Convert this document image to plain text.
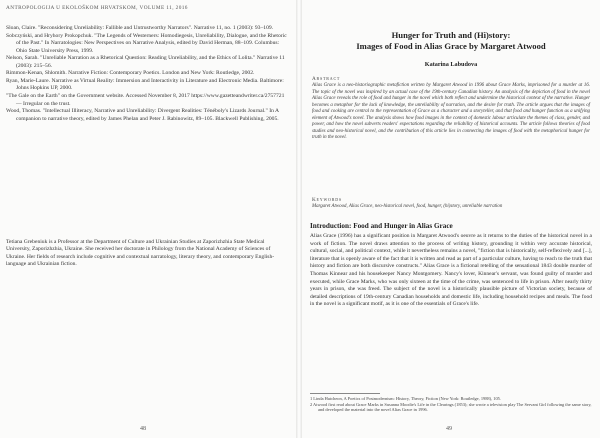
ANTROPOLOGIJA U EKOLOŠKOM HRVATSKOM, VOLUME 11, 2016

Sloan, Claire. "Reconsidering Unreliability: Fallible and Untrustworthy Narrators". Narrative 11, no. 1 (2003): 93–109.

Sobczyński, and Hryhory Prokopchuk. "The Legends of Westerners: Homodiegesis, Unreliability, Dialogue, and the Rhetoric of the Past." In Narratologies: New Perspectives on Narrative Analysis, edited by David Herman, 88–109. Columbus: Ohio State University Press, 1999.

Nelson, Sarah. "Unreliable Narration as a Rhetorical Question: Reading Unreliability, and the Ethics of Lolita." Narrative 11 (2003): 215–56.

Rimmon-Kenan, Shlomith. Narrative Fiction: Contemporary Poetics. London and New York: Routledge, 2002.

Ryan, Marie-Laure. Narrative as Virtual Reality: Immersion and Interactivity in Literature and Electronic Media. Baltimore: Johns Hopkins UP, 2000.

"The Gale on the Earth" on the Government website. Accessed November 8, 2017 https://www.gazetteandwriter.ca/2757721 — Irregular on the trust.

Wood, Thomas. "Intellectual Illiteracy, Narrative and Unreliability: Divergent Realities: Ténéboly's Lizards Journal." In A companion to narrative theory, edited by James Phelan and Peter J. Rabinowitz, 89–105. Blackwell Publishing, 2005.

Tetiana Grebeniuk is a Professor at the Department of Culture and Ukrainian Studies at Zaporizhzhia State Medical University, Zaporizhzhia, Ukraine. She received her doctorate in Philology from the National Academy of Sciences of Ukraine. Her fields of research include cognitive and contextual narratology, literary theory, and contemporary English-language and Ukrainian fiction.
48
Hunger for Truth and (Hi)story:
Images of Food in Alias Grace by Margaret Atwood
Katarina Labudova
Abstract
Alias Grace is a neo-historiographic metafiction written by Margaret Atwood in 1996 about Grace Marks, imprisoned for a murder at 16. The topic of the novel was inspired by an actual case of the 19th-century Canadian history. An analysis of the depiction of food in the novel Alias Grace reveals the role of food and hunger in the novel which both reflect and undermine the historical context of the narrative. Hunger becomes a metaphor for the lack of knowledge, the unreliability of narration, and the desire for truth. The article argues that the images of food and cooking are central to the representation of Grace as a character and a storyteller, and that food and hunger function as a unifying element of Atwood's novel. The analysis shows how food images in the context of domestic labour articulate the themes of class, gender, and power, and how the novel subverts readers' expectations regarding the reliability of historical accounts. The article follows theories of food studies and neo-historical novel, and the contribution of this article lies in connecting the images of food with the metaphorical hunger for truth in the novel.
Keywords
Margaret Atwood, Alias Grace, neo-historical novel, food, hunger, (hi)story, unreliable narration
Introduction: Food and Hunger in Alias Grace
Alias Grace (1996) has a significant position in Margaret Atwood's oeuvre as it returns to the duties of the historical novel in a work of fiction. The novel draws attention to the process of writing history, grounding it within very accurate historical, cultural, social, and political context, while it nevertheless remains a novel, "fiction that is historically, self-reflexively and [...], literature that is openly aware of the fact that it is written and read as part of a particular culture, having to reach to the truth that history and fiction are both discursive constructs." Alias Grace is a fictional retelling of the sensational 1843 double murder of Thomas Kinnear and his housekeeper Nancy Montgomery. Nancy's lover, Kinnear's servant, was found guilty of murder and executed, while Grace Marks, who was only sixteen at the time of the crime, was sentenced to life in prison. After nearly thirty years in prison, she was freed. The subject of the novel is a historically plausible picture of Victorian society, because of detailed descriptions of 19th-century Canadian households and domestic life, including household recipes and meals. The food in the novel is a significant motif, as it is one of the essentials of Grace's life.

1 Linda Hutcheon, A Poetics of Postmodernism: History, Theory, Fiction (New York: Routledge, 1988), 105.

2 Atwood first read about Grace Marks in Susanna Moodie's Life in the Clearings (1853); she wrote a television play The Servant Girl following the same story, and developed the material into the novel Alias Grace in 1996.

49
